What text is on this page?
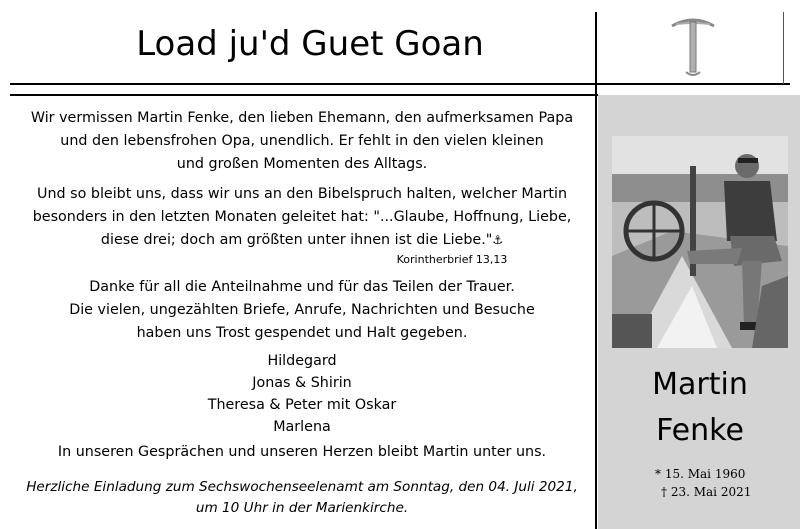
Load ju'd Guet Goan

Wir vermissen Martin Fenke, den lieben Ehemann, den aufmerksamen Papa

und den lebensfrohen Opa, unendlich. Er fehlt in den vielen kleinen

und großen Momenten des Alltags.

Und so bleibt uns, dass wir uns an den Bibelspruch halten, welcher Martin

besonders in den letzten Monaten geleitet hat: "...Glaube, Hoffnung, Liebe,

diese drei; doch am größten unter ihnen ist die Liebe."⚓

Korintherbrief 13,13

Danke für all die Anteilnahme und für das Teilen der Trauer.

Die vielen, ungezählten Briefe, Anrufe, Nachrichten und Besuche

haben uns Trost gespendet und Halt gegeben.

Hildegard

Jonas & Shirin

Theresa & Peter mit Oskar

Marlena

In unseren Gesprächen und unseren Herzen bleibt Martin unter uns.

Herzliche Einladung zum Sechswochenseelenamt am Sonntag, den 04. Juli 2021,

um 10 Uhr in der Marienkirche.

Martin
Fenke
* 15. Mai 1960
† 23. Mai 2021
